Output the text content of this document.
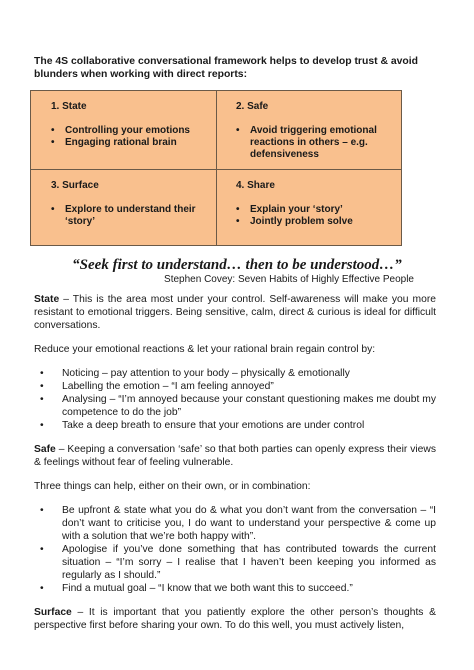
The 4S collaborative conversational framework helps to develop trust & avoid blunders when working with direct reports:
1. State
• Controlling your emotions
• Engaging rational brain
2. Safe
• Avoid triggering emotional reactions in others – e.g. defensiveness
3. Surface
• Explore to understand their ‘story’
4. Share
• Explain your ‘story’
• Jointly problem solve
“Seek first to understand… then to be understood…”
Stephen Covey: Seven Habits of Highly Effective People

State – This is the area most under your control. Self-awareness will make you more resistant to emotional triggers. Being sensitive, calm, direct & curious is ideal for difficult conversations.

Reduce your emotional reactions & let your rational brain regain control by:

• Noticing – pay attention to your body – physically & emotionally
• Labelling the emotion – “I am feeling annoyed”
• Analysing – “I’m annoyed because your constant questioning makes me doubt my competence to do the job”
• Take a deep breath to ensure that your emotions are under control

Safe – Keeping a conversation ‘safe’ so that both parties can openly express their views & feelings without fear of feeling vulnerable.

Three things can help, either on their own, or in combination:

• Be upfront & state what you do & what you don’t want from the conversation – “I don’t want to criticise you, I do want to understand your perspective & come up with a solution that we’re both happy with”.
• Apologise if you’ve done something that has contributed towards the current situation – “I’m sorry – I realise that I haven’t been keeping you informed as regularly as I should.”
• Find a mutual goal – “I know that we both want this to succeed.”

Surface – It is important that you patiently explore the other person’s thoughts & perspective first before sharing your own. To do this well, you must actively listen,
